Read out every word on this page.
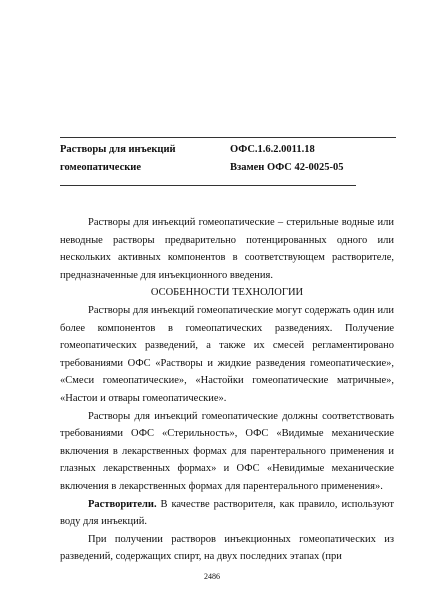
Растворы для инъекций
гомеопатические
ОФС.1.6.2.0011.18
Взамен ОФС 42-0025-05

Растворы для инъекций гомеопатические – стерильные водные или неводные растворы предварительно потенцированных одного или нескольких активных компонентов в соответствующем растворителе, предназначенные для инъекционного введения.

ОСОБЕННОСТИ ТЕХНОЛОГИИ

Растворы для инъекций гомеопатические могут содержать один или более компонентов в гомеопатических разведениях. Получение гомеопатических разведений, а также их смесей регламентировано требованиями ОФС «Растворы и жидкие разведения гомеопатические», «Смеси гомеопатические», «Настойки гомеопатические матричные», «Настои и отвары гомеопатические».

Растворы для инъекций гомеопатические должны соответствовать требованиями ОФС «Стерильность», ОФС «Видимые механические включения в лекарственных формах для парентерального применения и глазных лекарственных формах» и ОФС «Невидимые механические включения в лекарственных формах для парентерального применения».

Растворители. В качестве растворителя, как правило, используют воду для инъекций.

При получении растворов инъекционных гомеопатических из разведений, содержащих спирт, на двух последних этапах (при

2486
